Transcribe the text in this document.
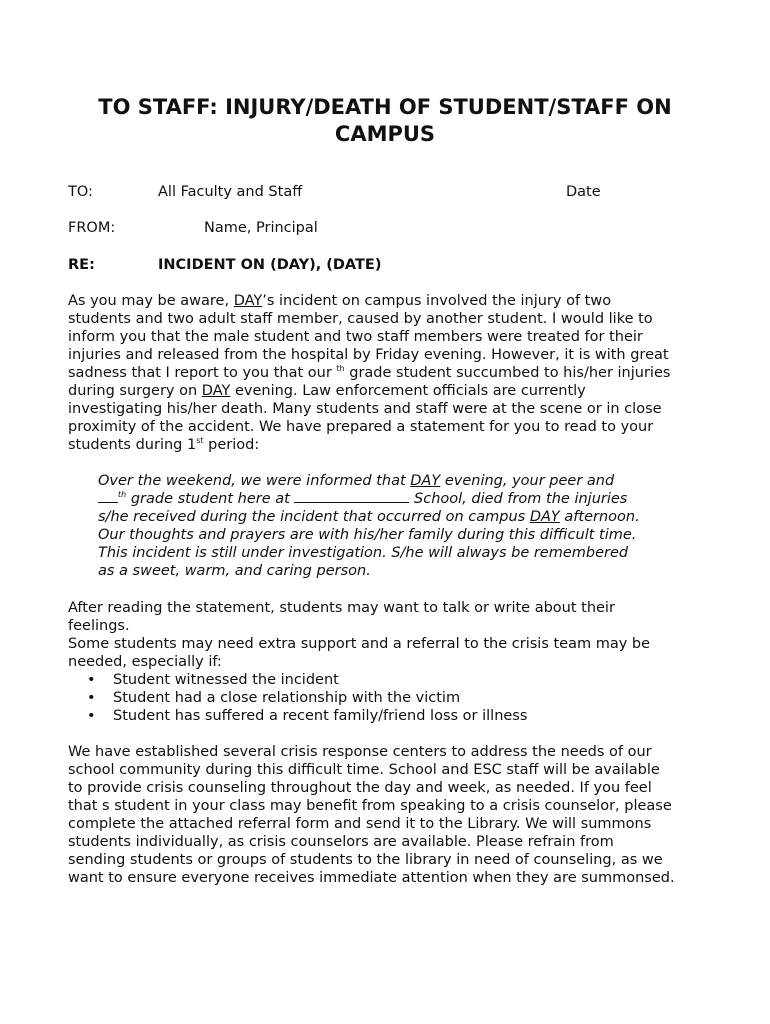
TO STAFF: INJURY/DEATH OF STUDENT/STAFF ON
CAMPUS
TO:	All Faculty and Staff	Date
FROM:	Name, Principal
RE:	INCIDENT ON (DAY), (DATE)
As you may be aware, DAY’s incident on campus involved the injury of two
students and two adult staff member, caused by another student. I would like to
inform you that the male student and two staff members were treated for their
injuries and released from the hospital by Friday evening. However, it is with great
sadness that I report to you that our $^{th}$ grade student succumbed to his/her injuries
during surgery on DAY evening. Law enforcement officials are currently
investigating his/her death. Many students and staff were at the scene or in close
proximity of the accident. We have prepared a statement for you to read to your
students during 1st period:
Over the weekend, we were informed that DAY evening, your peer and
$^{th}$ grade student here at	School, died from the injuries
s/he received during the incident that occurred on campus DAY afternoon.
Our thoughts and prayers are with his/her family during this difficult time.
This incident is still under investigation. S/he will always be remembered
as a sweet, warm, and caring person.
After reading the statement, students may want to talk or write about their
feelings.
Some students may need extra support and a referral to the crisis team may be
needed, especially if:
• Student witnessed the incident
• Student had a close relationship with the victim
• Student has suffered a recent family/friend loss or illness
We have established several crisis response centers to address the needs of our
school community during this difficult time. School and ESC staff will be available
to provide crisis counseling throughout the day and week, as needed. If you feel
that s student in your class may benefit from speaking to a crisis counselor, please
complete the attached referral form and send it to the Library. We will summons
students individually, as crisis counselors are available. Please refrain from
sending students or groups of students to the library in need of counseling, as we
want to ensure everyone receives immediate attention when they are summonsed.
